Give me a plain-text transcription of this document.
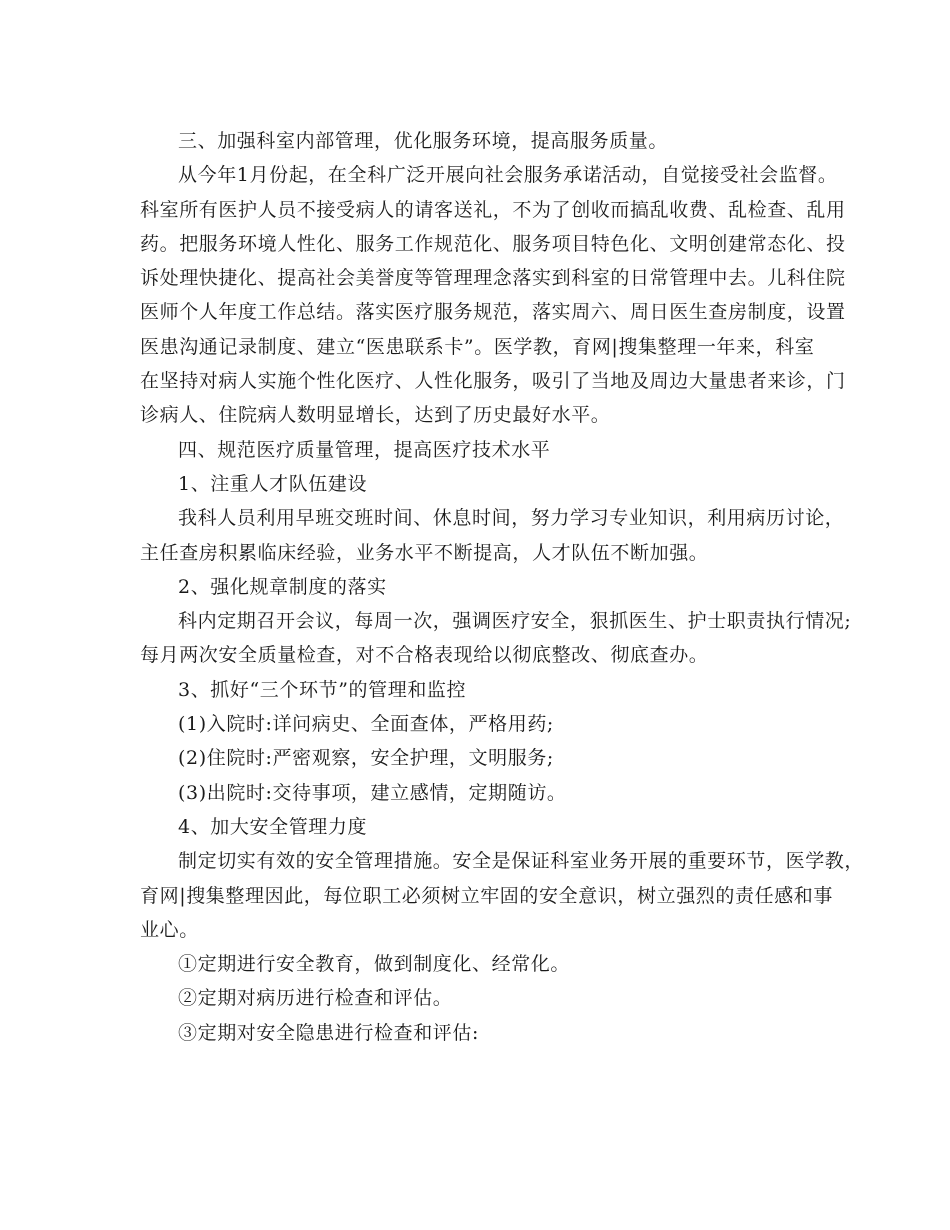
三、加强科室内部管理，优化服务环境，提高服务质量。
从今年1月份起，在全科广泛开展向社会服务承诺活动，自觉接受社会监督。
科室所有医护人员不接受病人的请客送礼，不为了创收而搞乱收费、乱检查、乱用
药。把服务环境人性化、服务工作规范化、服务项目特色化、文明创建常态化、投
诉处理快捷化、提高社会美誉度等管理理念落实到科室的日常管理中去。儿科住院
医师个人年度工作总结。落实医疗服务规范，落实周六、周日医生查房制度，设置
医患沟通记录制度、建立“医患联系卡”。医学教，育网|搜集整理一年来，科室
在坚持对病人实施个性化医疗、人性化服务，吸引了当地及周边大量患者来诊，门
诊病人、住院病人数明显增长，达到了历史最好水平。
四、规范医疗质量管理，提高医疗技术水平
1、注重人才队伍建设
我科人员利用早班交班时间、休息时间，努力学习专业知识，利用病历讨论，
主任查房积累临床经验，业务水平不断提高，人才队伍不断加强。
2、强化规章制度的落实
科内定期召开会议，每周一次，强调医疗安全，狠抓医生、护士职责执行情况;
每月两次安全质量检查，对不合格表现给以彻底整改、彻底查办。
3、抓好“三个环节”的管理和监控
(1)入院时:详问病史、全面查体，严格用药;
(2)住院时:严密观察，安全护理，文明服务;
(3)出院时:交待事项，建立感情，定期随访。
4、加大安全管理力度
制定切实有效的安全管理措施。安全是保证科室业务开展的重要环节，医学教，
育网|搜集整理因此，每位职工必须树立牢固的安全意识，树立强烈的责任感和事
业心。
①定期进行安全教育，做到制度化、经常化。
②定期对病历进行检查和评估。
③定期对安全隐患进行检查和评估:
